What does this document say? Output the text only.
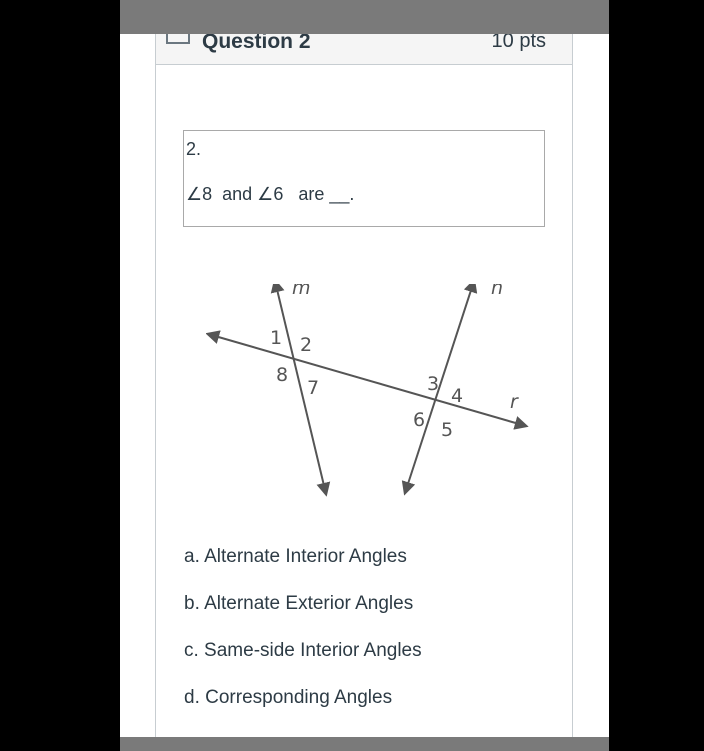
Question 2	10 pts
2.
∠8  and ∠6   are __.
m	n
r
1 2
8
7	3
4
6 5
a. Alternate Interior Angles
b. Alternate Exterior Angles
c. Same-side Interior Angles
d. Corresponding Angles
